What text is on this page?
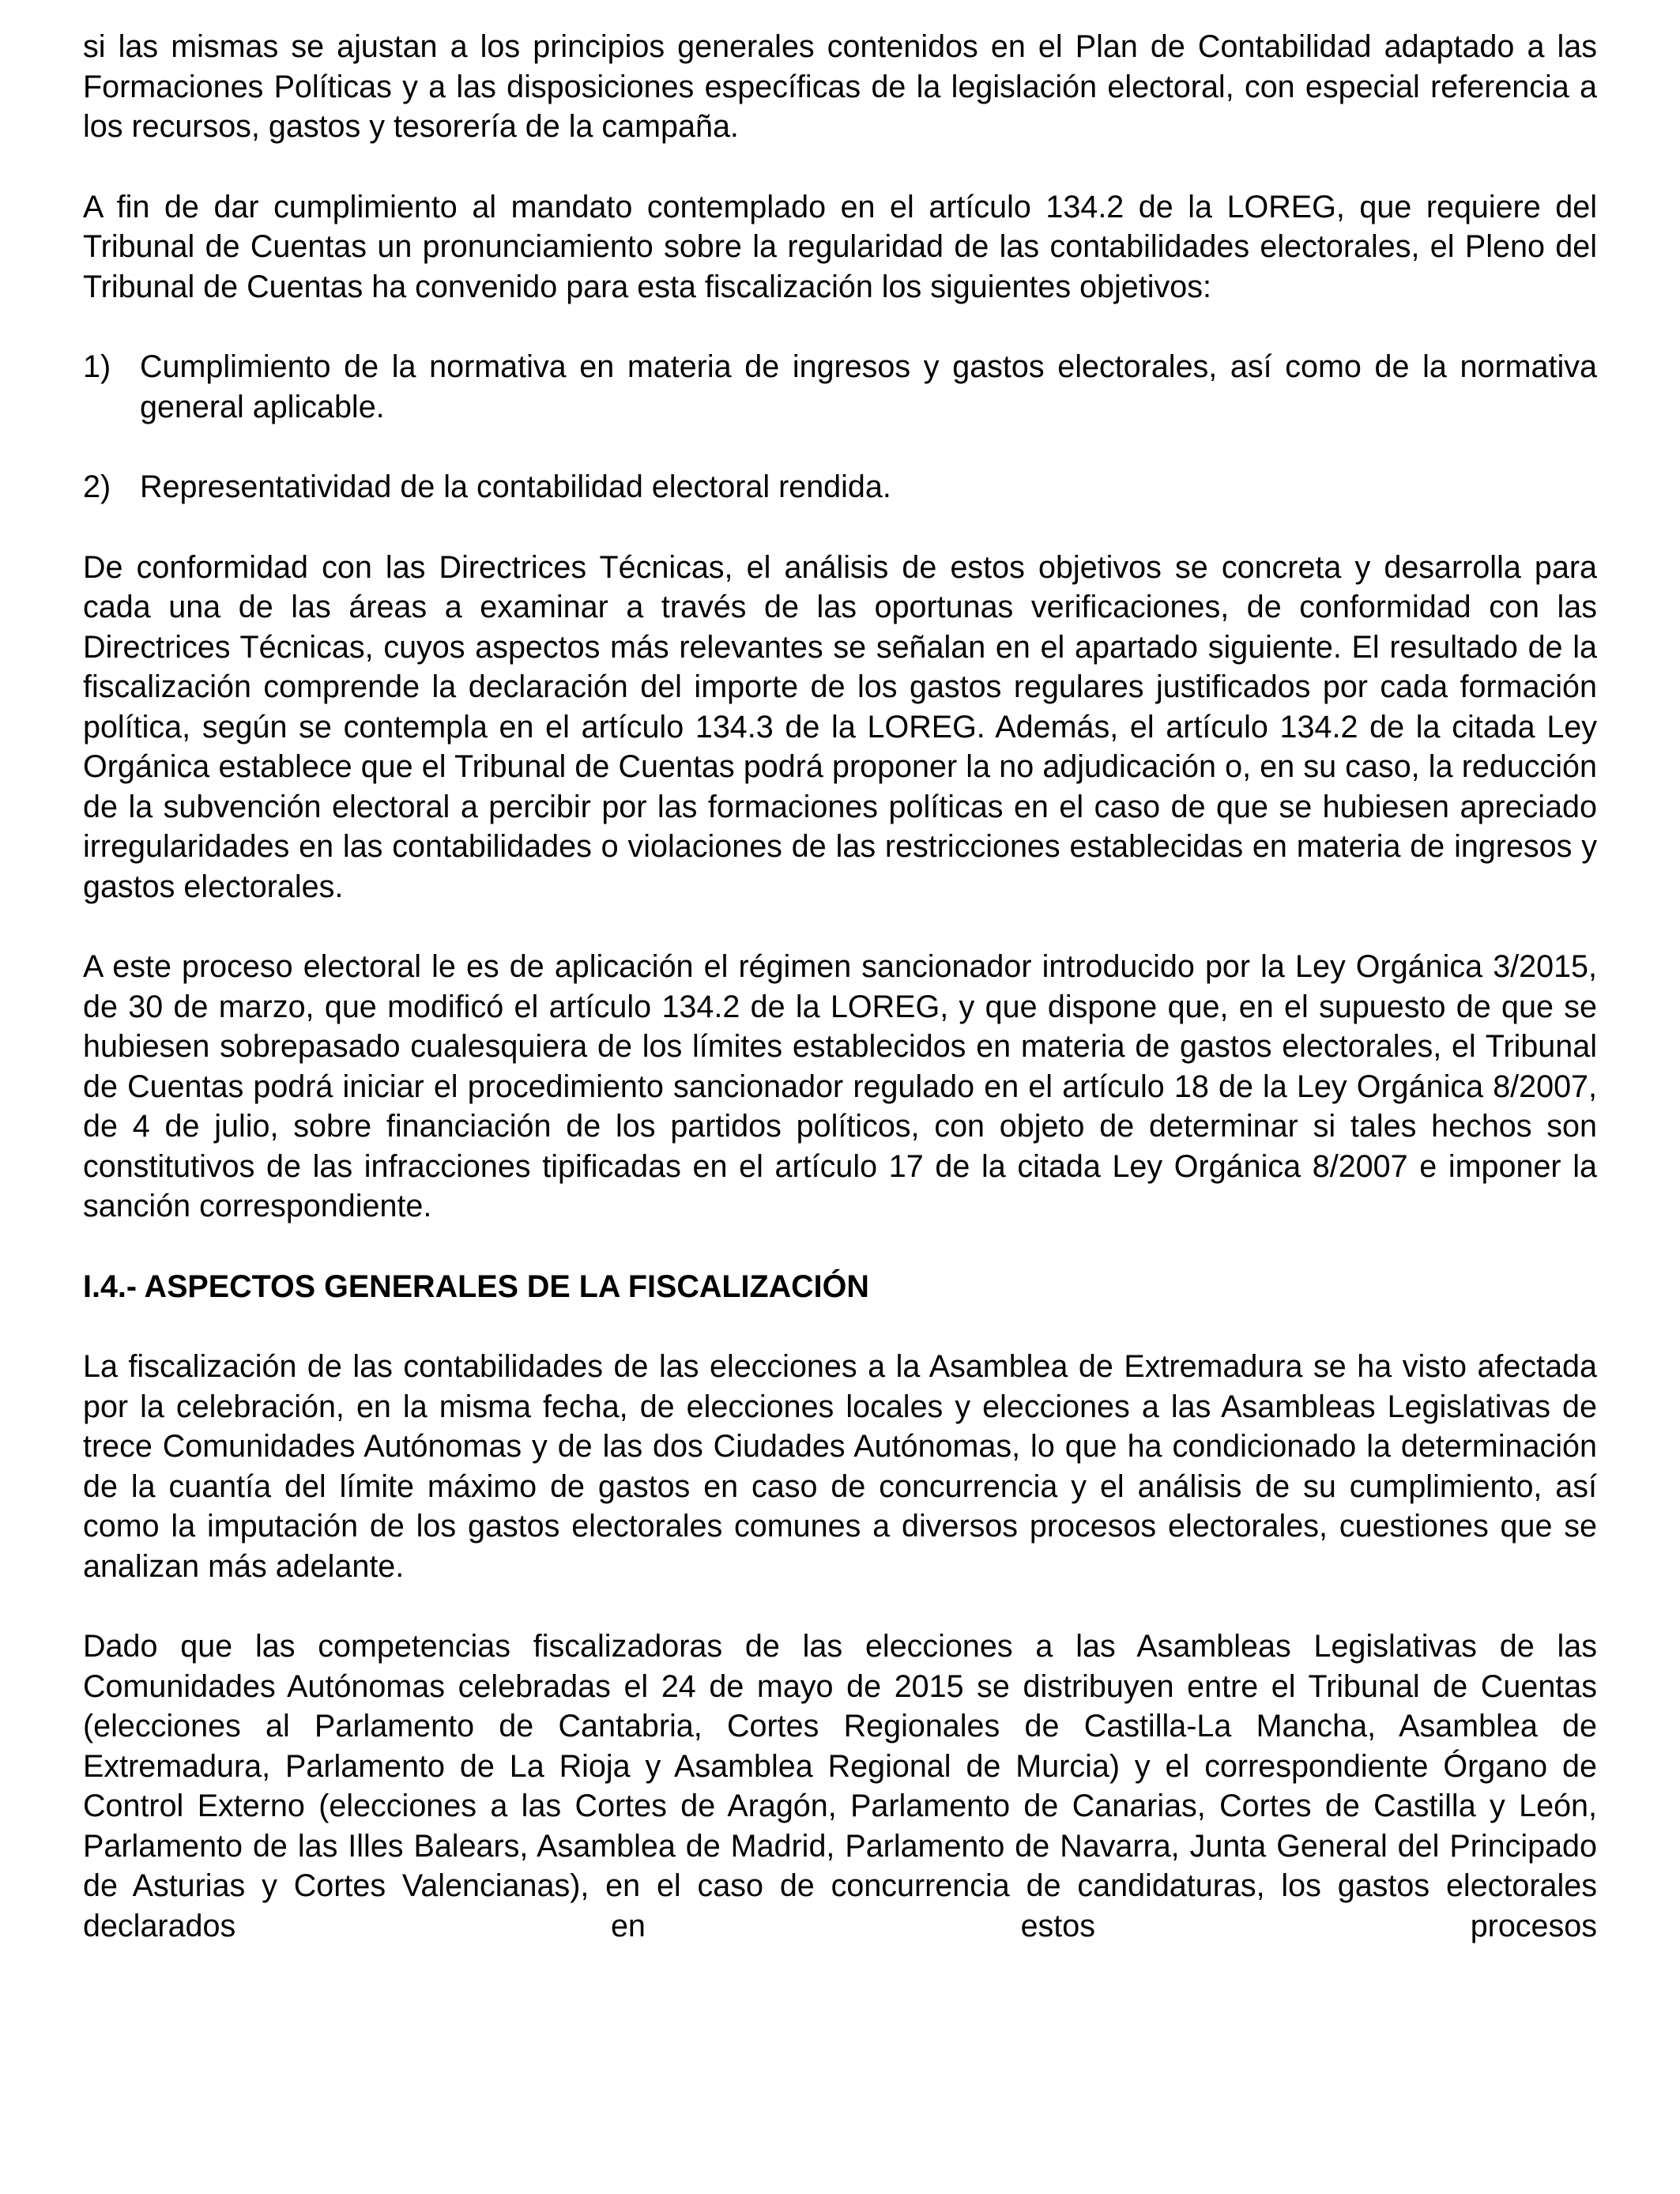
si las mismas se ajustan a los principios generales contenidos en el Plan de Contabilidad adaptado a las Formaciones Políticas y a las disposiciones específicas de la legislación electoral, con especial referencia a los recursos, gastos y tesorería de la campaña.

A fin de dar cumplimiento al mandato contemplado en el artículo 134.2 de la LOREG, que requiere del Tribunal de Cuentas un pronunciamiento sobre la regularidad de las contabilidades electorales, el Pleno del Tribunal de Cuentas ha convenido para esta fiscalización los siguientes objetivos:

1) Cumplimiento de la normativa en materia de ingresos y gastos electorales, así como de la normativa general aplicable.
2) Representatividad de la contabilidad electoral rendida.

De conformidad con las Directrices Técnicas, el análisis de estos objetivos se concreta y desarrolla para cada una de las áreas a examinar a través de las oportunas verificaciones, de conformidad con las Directrices Técnicas, cuyos aspectos más relevantes se señalan en el apartado siguiente. El resultado de la fiscalización comprende la declaración del importe de los gastos regulares justificados por cada formación política, según se contempla en el artículo 134.3 de la LOREG. Además, el artículo 134.2 de la citada Ley Orgánica establece que el Tribunal de Cuentas podrá proponer la no adjudicación o, en su caso, la reducción de la subvención electoral a percibir por las formaciones políticas en el caso de que se hubiesen apreciado irregularidades en las contabilidades o violaciones de las restricciones establecidas en materia de ingresos y gastos electorales.

A este proceso electoral le es de aplicación el régimen sancionador introducido por la Ley Orgánica 3/2015, de 30 de marzo, que modificó el artículo 134.2 de la LOREG, y que dispone que, en el supuesto de que se hubiesen sobrepasado cualesquiera de los límites establecidos en materia de gastos electorales, el Tribunal de Cuentas podrá iniciar el procedimiento sancionador regulado en el artículo 18 de la Ley Orgánica 8/2007, de 4 de julio, sobre financiación de los partidos políticos, con objeto de determinar si tales hechos son constitutivos de las infracciones tipificadas en el artículo 17 de la citada Ley Orgánica 8/2007 e imponer la sanción correspondiente.

I.4.- ASPECTOS GENERALES DE LA FISCALIZACIÓN

La fiscalización de las contabilidades de las elecciones a la Asamblea de Extremadura se ha visto afectada por la celebración, en la misma fecha, de elecciones locales y elecciones a las Asambleas Legislativas de trece Comunidades Autónomas y de las dos Ciudades Autónomas, lo que ha condicionado la determinación de la cuantía del límite máximo de gastos en caso de concurrencia y el análisis de su cumplimiento, así como la imputación de los gastos electorales comunes a diversos procesos electorales, cuestiones que se analizan más adelante.

Dado que las competencias fiscalizadoras de las elecciones a las Asambleas Legislativas de las Comunidades Autónomas celebradas el 24 de mayo de 2015 se distribuyen entre el Tribunal de Cuentas (elecciones al Parlamento de Cantabria, Cortes Regionales de Castilla-La Mancha, Asamblea de Extremadura, Parlamento de La Rioja y Asamblea Regional de Murcia) y el correspondiente Órgano de Control Externo (elecciones a las Cortes de Aragón, Parlamento de Canarias, Cortes de Castilla y León, Parlamento de las Illes Balears, Asamblea de Madrid, Parlamento de Navarra, Junta General del Principado de Asturias y Cortes Valencianas), en el caso de concurrencia de candidaturas, los gastos electorales declarados en estos procesos
